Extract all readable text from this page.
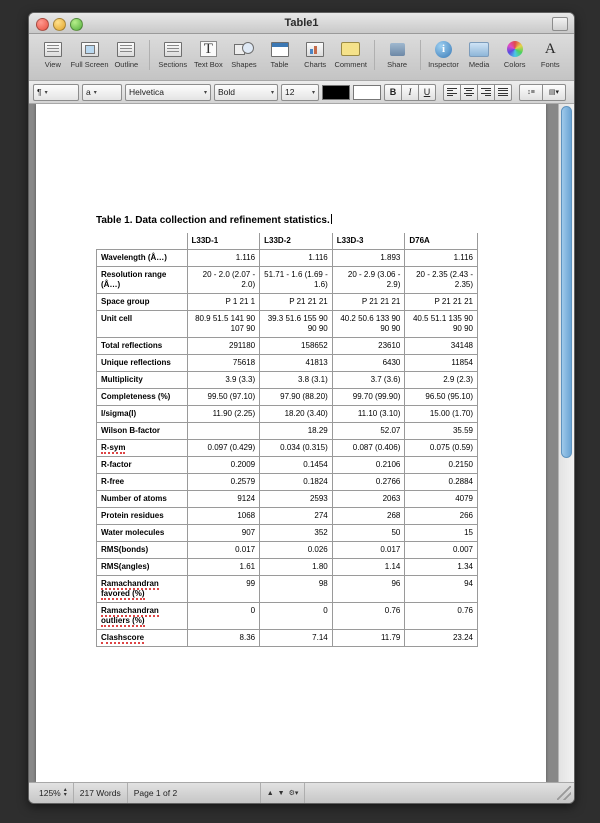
Table1
View	Full Screen Outline	Sections
T
Text Box	Shapes	Table	Charts	Comment	Share
i
Inspector	Media	Colors
A
Fonts
¶ ▾	a ▾	Helvetica	▾ Bold	▾ 12	▾	B	I	U	↕≡ ▤▾
Table 1. Data collection and refinement statistics.
	L33D-1	L33D-2	L33D-3	D76A
Wavelength (Å…)	1.116	1.116	1.893	1.116
Resolution range (Å…)	20 - 2.0 (2.07 - 2.0)	51.71 - 1.6 (1.69 - 1.6)	20 - 2.9 (3.06 - 2.9)	20 - 2.35 (2.43 - 2.35)
Space group	P 1 21 1	P 21 21 21	P 21 21 21	P 21 21 21
Unit cell	80.9 51.5 141 90 107 90	39.3 51.6 155 90 90 90	40.2 50.6 133 90 90 90	40.5 51.1 135 90 90 90
Total reflections	291180	158652	23610	34148
Unique reflections	75618	41813	6430	11854
Multiplicity	3.9 (3.3)	3.8 (3.1)	3.7 (3.6)	2.9 (2.3)
Completeness (%)	99.50 (97.10)	97.90 (88.20)	99.70 (99.90)	96.50 (95.10)
I/sigma(I)	11.90 (2.25)	18.20 (3.40)	11.10 (3.10)	15.00 (1.70)
Wilson B-factor		18.29	52.07	35.59
R-sym	0.097 (0.429)	0.034 (0.315)	0.087 (0.406)	0.075 (0.59)
R-factor	0.2009	0.1454	0.2106	0.2150
R-free	0.2579	0.1824	0.2766	0.2884
Number of atoms	9124	2593	2063	4079
Protein residues	1068	274	268	266
Water molecules	907	352	50	15
RMS(bonds)	0.017	0.026	0.017	0.007
RMS(angles)	1.61	1.80	1.14	1.34
Ramachandran favored (%)	99	98	96	94
Ramachandran outliers (%)	0	0	0.76	0.76
Clashscore	8.36	7.14	11.79	23.24
125% ▴
▾ 217 Words Page 1 of 2	▲ ▼ ⚙▾
